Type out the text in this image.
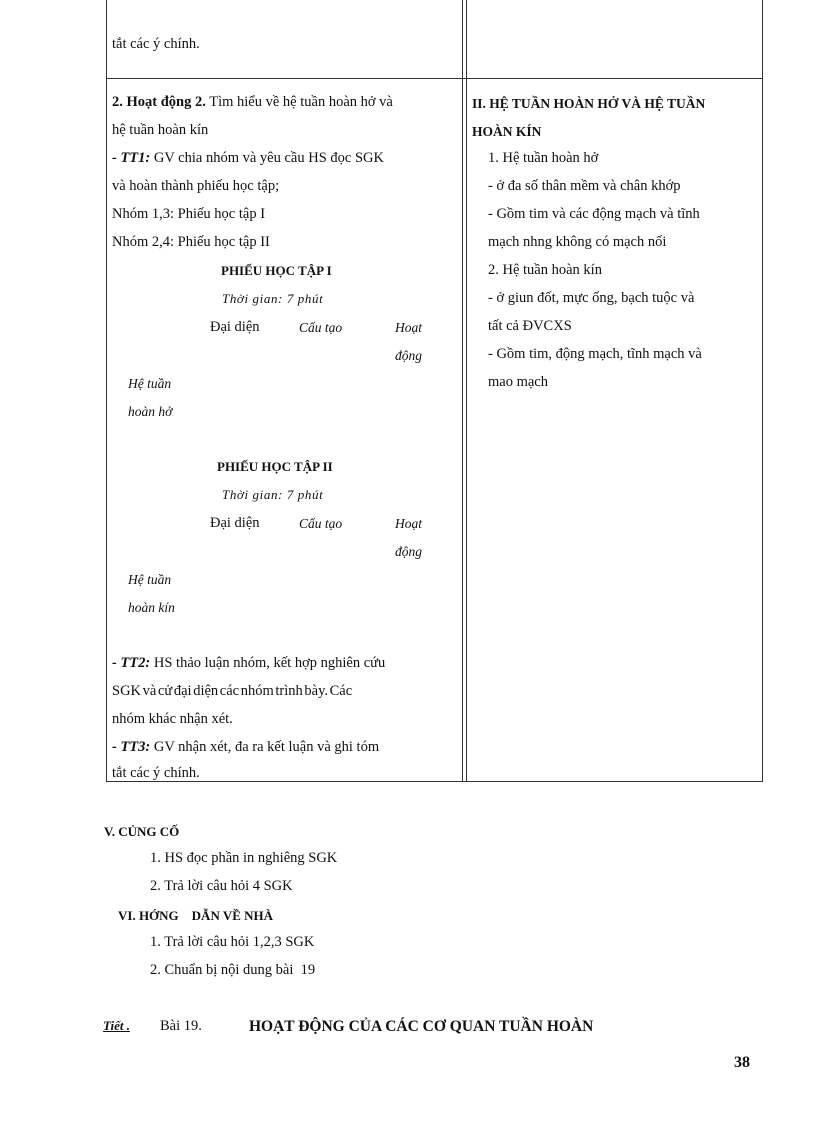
tắt các ý chính.
2. Hoạt động 2. Tìm hiểu về hệ tuần hoàn hở và
hệ tuần hoàn kín
- TT1: GV chia nhóm và yêu cầu HS đọc SGK
và hoàn thành phiếu học tập;
Nhóm 1,3: Phiếu học tập I
Nhóm 2,4: Phiếu học tập II
PHIẾU HỌC TẬP I
Thời gian: 7 phút
Đại diện	Cấu tạo	Hoạt
động
Hệ tuần
hoàn hở
PHIẾU HỌC TẬP II
Thời gian: 7 phút
Đại diện	Cấu tạo	Hoạt
động
Hệ tuần
hoàn kín
- TT2: HS thảo luận nhóm, kết hợp nghiên cứu
SGK và cử đại diện các nhóm trình bày. Các
nhóm khác nhận xét.
- TT3: GV nhận xét, đa ra kết luận và ghi tóm
tắt các ý chính.
II. HỆ TUẦN HOÀN HỞ VÀ HỆ TUẦN
HOÀN KÍN
1. Hệ tuần hoàn hở
- ở đa số thân mềm và chân khớp
- Gồm tim và các động mạch và tĩnh
mạch nhng không có mạch nối
2. Hệ tuần hoàn kín
- ở giun đốt, mực ống, bạch tuộc và
tất cả ĐVCXS
- Gồm tim, động mạch, tĩnh mạch và
mao mạch
V. CỦNG CỐ
1. HS đọc phần in nghiêng SGK
2. Trả lời câu hỏi 4 SGK
VI. HỚNG    DẪN VỀ NHÀ
1. Trả lời câu hỏi 1,2,3 SGK
2. Chuẩn bị nội dung bài  19
Tiết . Bài 19.	HOẠT ĐỘNG CỦA CÁC CƠ QUAN TUẦN HOÀN
38
